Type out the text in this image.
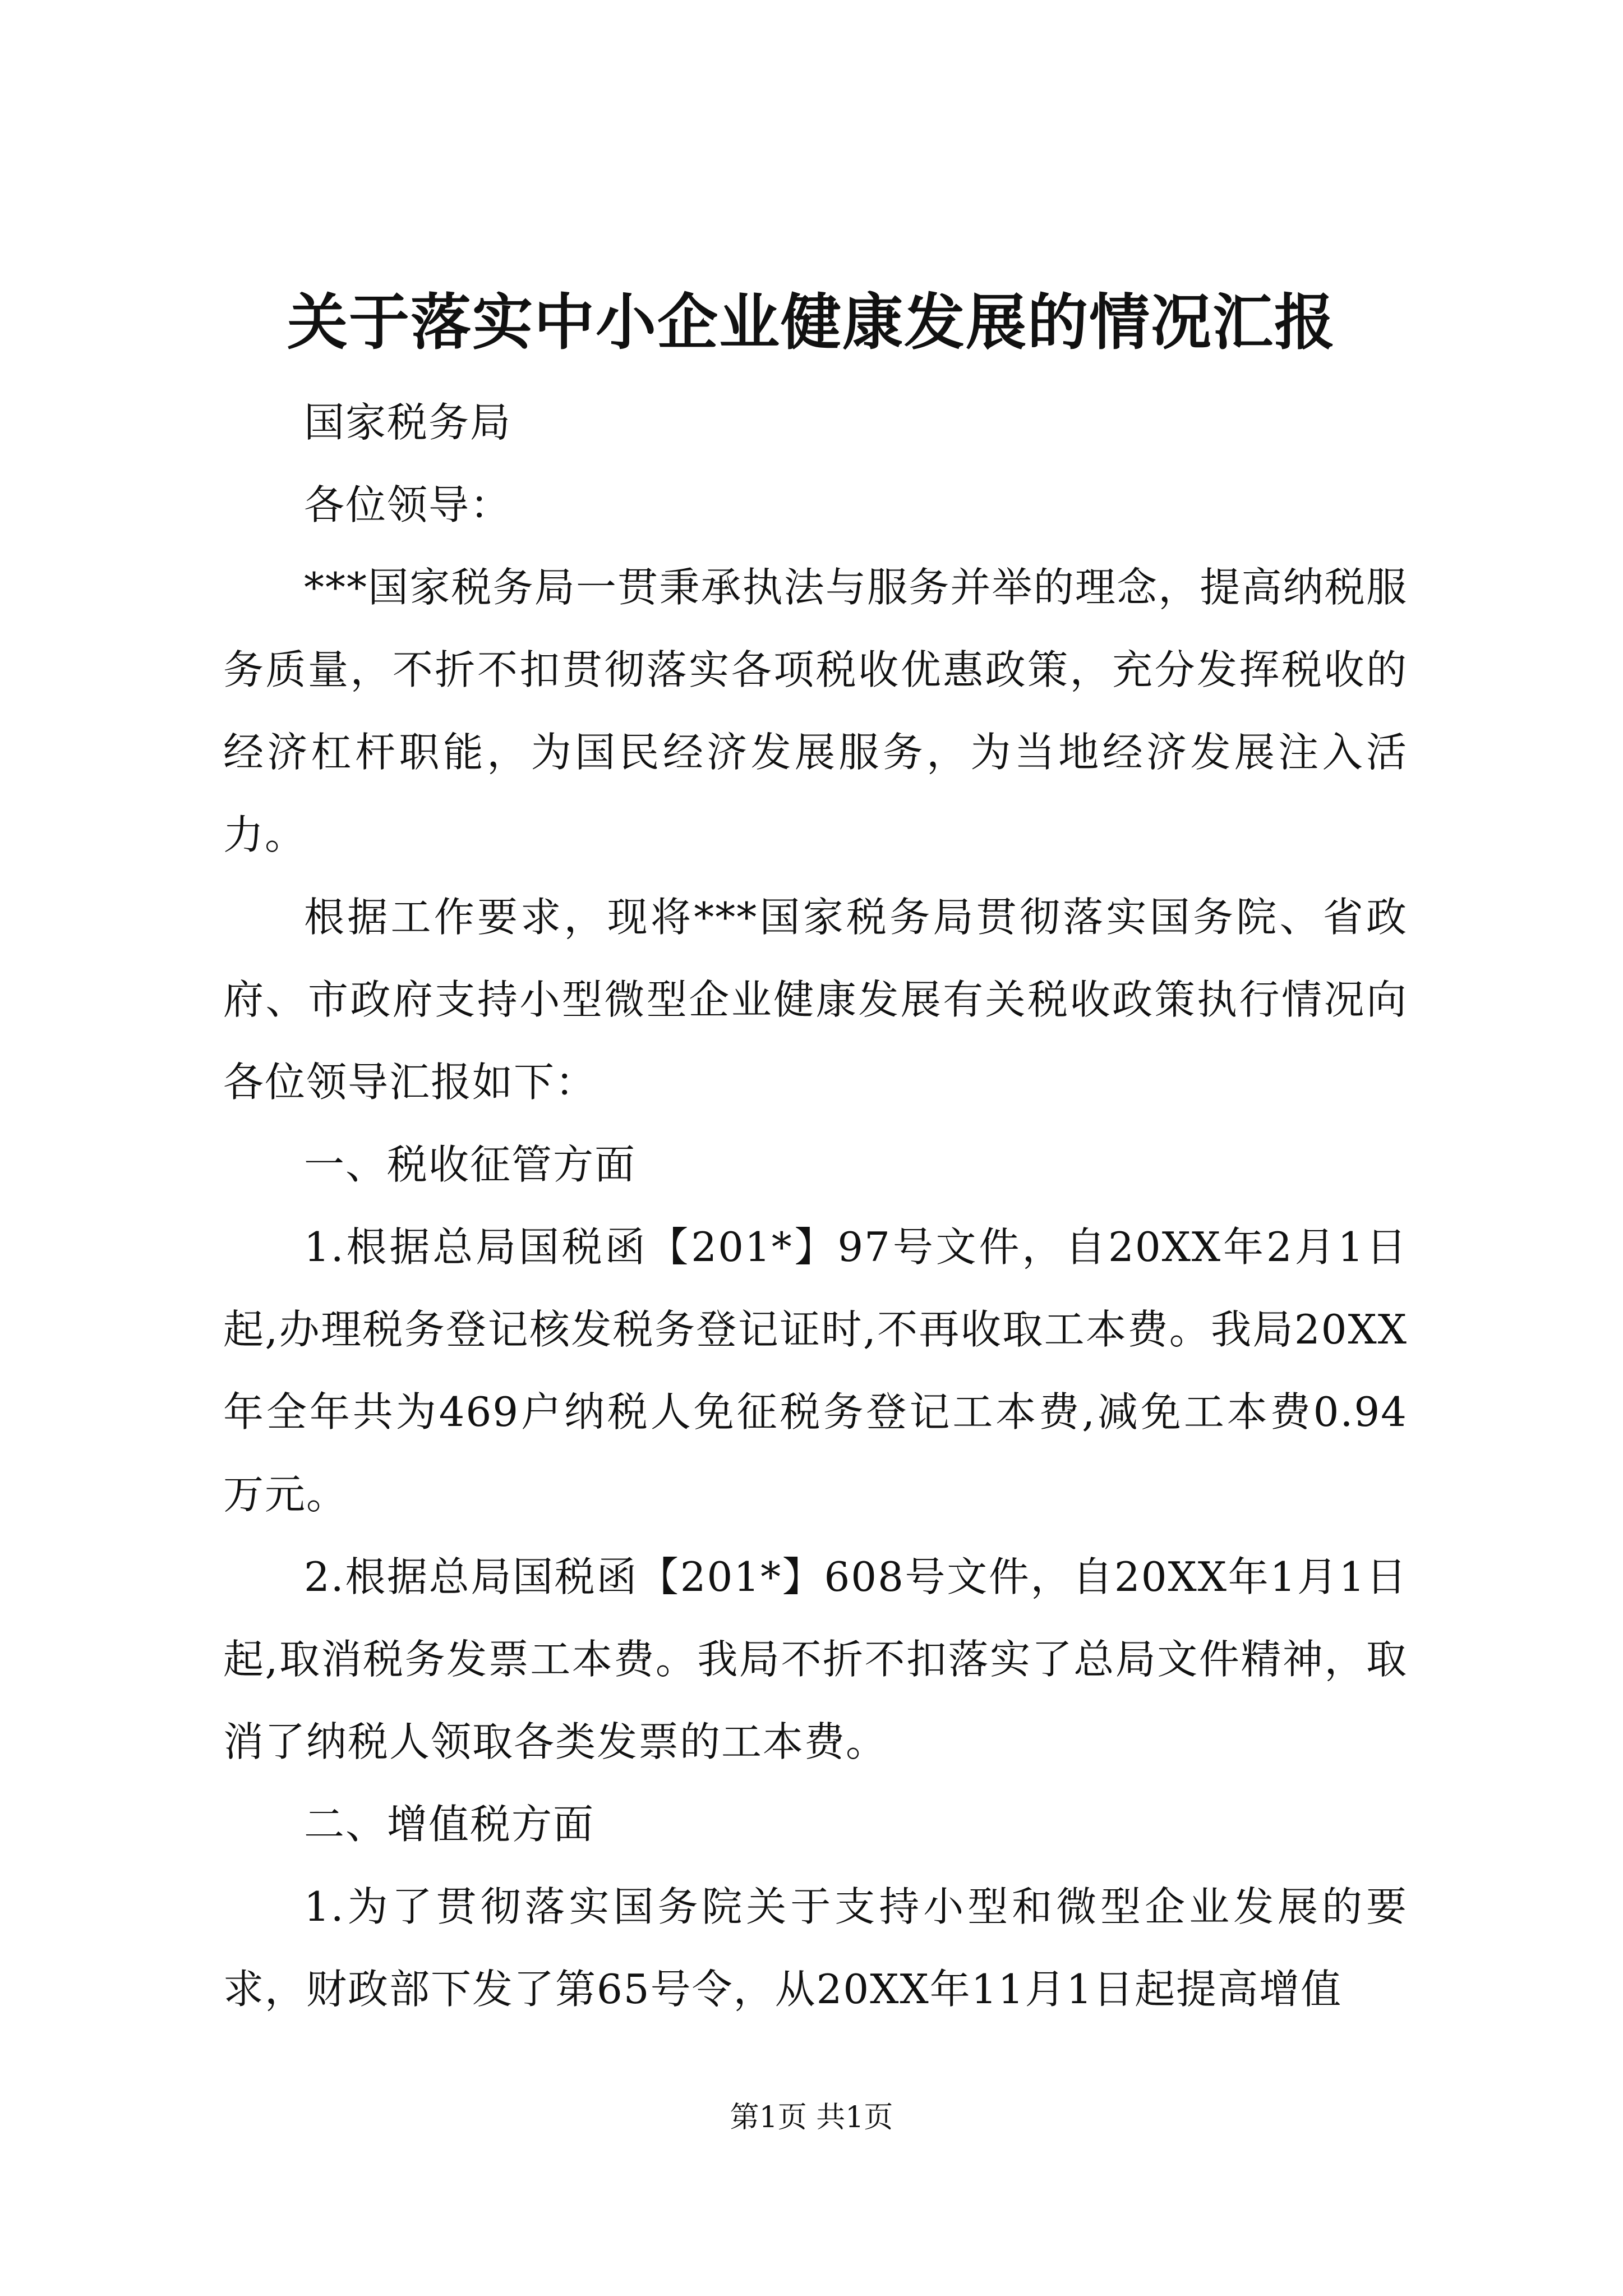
关于落实中小企业健康发展的情况汇报

国家税务局

各位领导：

***国家税务局一贯秉承执法与服务并举的理念，提高纳税服务质量，不折不扣贯彻落实各项税收优惠政策，充分发挥税收的经济杠杆职能，为国民经济发展服务，为当地经济发展注入活力。

根据工作要求，现将***国家税务局贯彻落实国务院、省政府、市政府支持小型微型企业健康发展有关税收政策执行情况向各位领导汇报如下：

一、税收征管方面

1.根据总局国税函【201*】97号文件，自20XX年2月1日起,办理税务登记核发税务登记证时,不再收取工本费。我局20XX年全年共为469户纳税人免征税务登记工本费,减免工本费0.94万元。

2.根据总局国税函【201*】608号文件，自20XX年1月1日起,取消税务发票工本费。我局不折不扣落实了总局文件精神，取消了纳税人领取各类发票的工本费。

二、增值税方面

1.为了贯彻落实国务院关于支持小型和微型企业发展的要求，财政部下发了第65号令，从20XX年11月1日起提高增值

第1页 共1页
